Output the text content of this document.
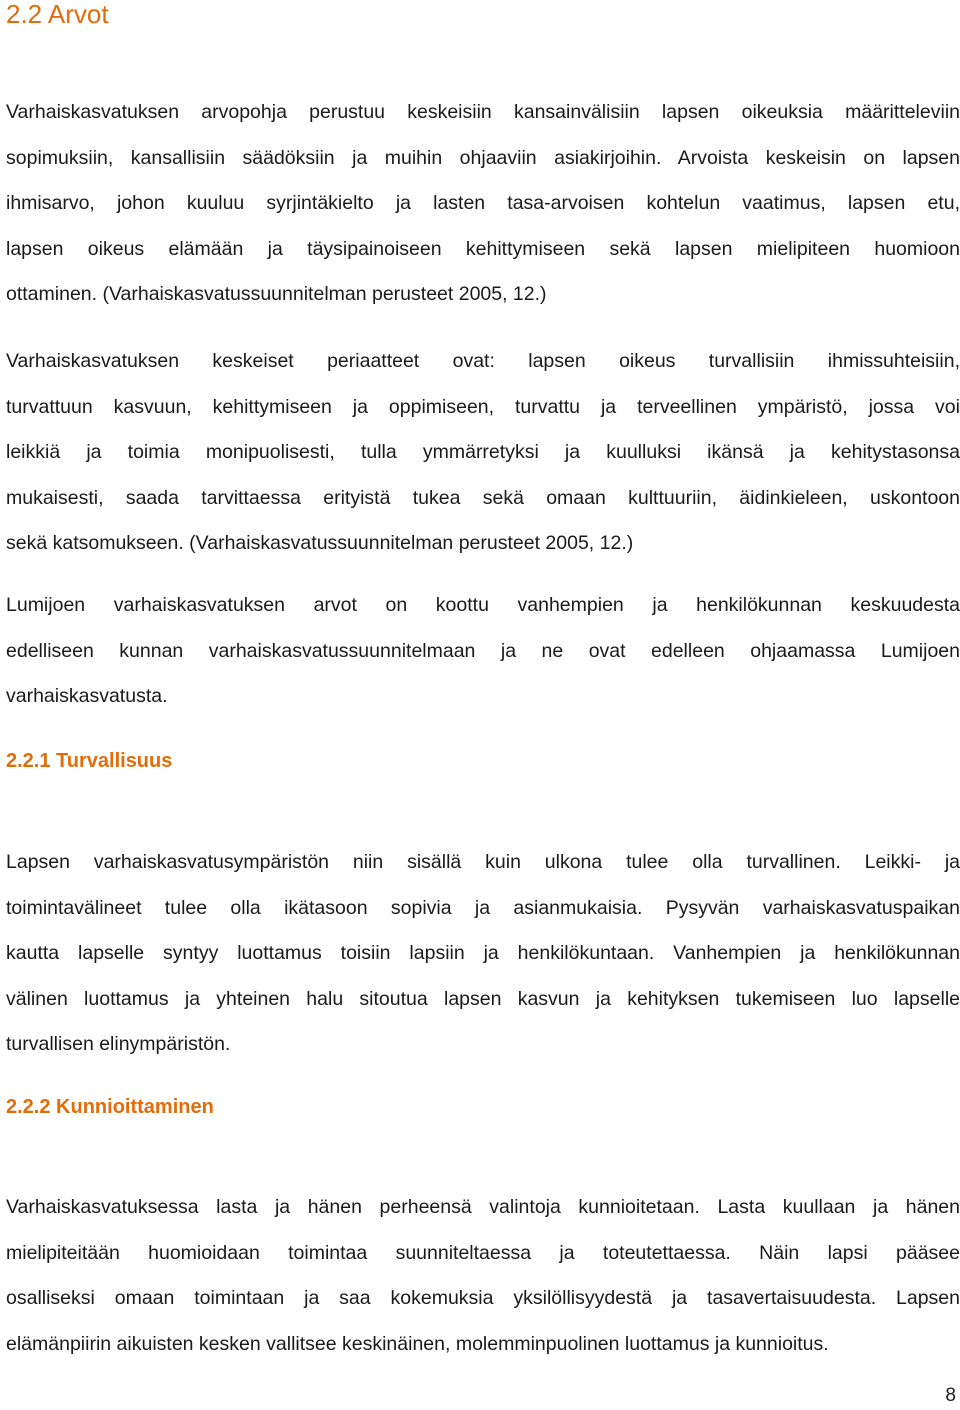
2.2 Arvot
Varhaiskasvatuksen arvopohja perustuu keskeisiin kansainvälisiin lapsen oikeuksia määritteleviin
sopimuksiin, kansallisiin säädöksiin ja muihin ohjaaviin asiakirjoihin. Arvoista keskeisin on lapsen
ihmisarvo, johon kuuluu syrjintäkielto ja lasten tasa-arvoisen kohtelun vaatimus, lapsen etu,
lapsen oikeus elämään ja täysipainoiseen kehittymiseen sekä lapsen mielipiteen huomioon
ottaminen. (Varhaiskasvatussuunnitelman perusteet 2005, 12.)
Varhaiskasvatuksen keskeiset periaatteet ovat: lapsen oikeus turvallisiin ihmissuhteisiin,
turvattuun kasvuun, kehittymiseen ja oppimiseen, turvattu ja terveellinen ympäristö, jossa voi
leikkiä ja toimia monipuolisesti, tulla ymmärretyksi ja kuulluksi ikänsä ja kehitystasonsa
mukaisesti, saada tarvittaessa erityistä tukea sekä omaan kulttuuriin, äidinkieleen, uskontoon
sekä katsomukseen. (Varhaiskasvatussuunnitelman perusteet 2005, 12.)
Lumijoen varhaiskasvatuksen arvot on koottu vanhempien ja henkilökunnan keskuudesta
edelliseen kunnan varhaiskasvatussuunnitelmaan ja ne ovat edelleen ohjaamassa Lumijoen
varhaiskasvatusta.
2.2.1 Turvallisuus
Lapsen varhaiskasvatusympäristön niin sisällä kuin ulkona tulee olla turvallinen. Leikki- ja
toimintavälineet tulee olla ikätasoon sopivia ja asianmukaisia. Pysyvän varhaiskasvatuspaikan
kautta lapselle syntyy luottamus toisiin lapsiin ja henkilökuntaan. Vanhempien ja henkilökunnan
välinen luottamus ja yhteinen halu sitoutua lapsen kasvun ja kehityksen tukemiseen luo lapselle
turvallisen elinympäristön.
2.2.2 Kunnioittaminen
Varhaiskasvatuksessa lasta ja hänen perheensä valintoja kunnioitetaan. Lasta kuullaan ja hänen
mielipiteitään huomioidaan toimintaa suunniteltaessa ja toteutettaessa. Näin lapsi pääsee
osalliseksi omaan toimintaan ja saa kokemuksia yksilöllisyydestä ja tasavertaisuudesta. Lapsen
elämänpiirin aikuisten kesken vallitsee keskinäinen, molemminpuolinen luottamus ja kunnioitus.
8
